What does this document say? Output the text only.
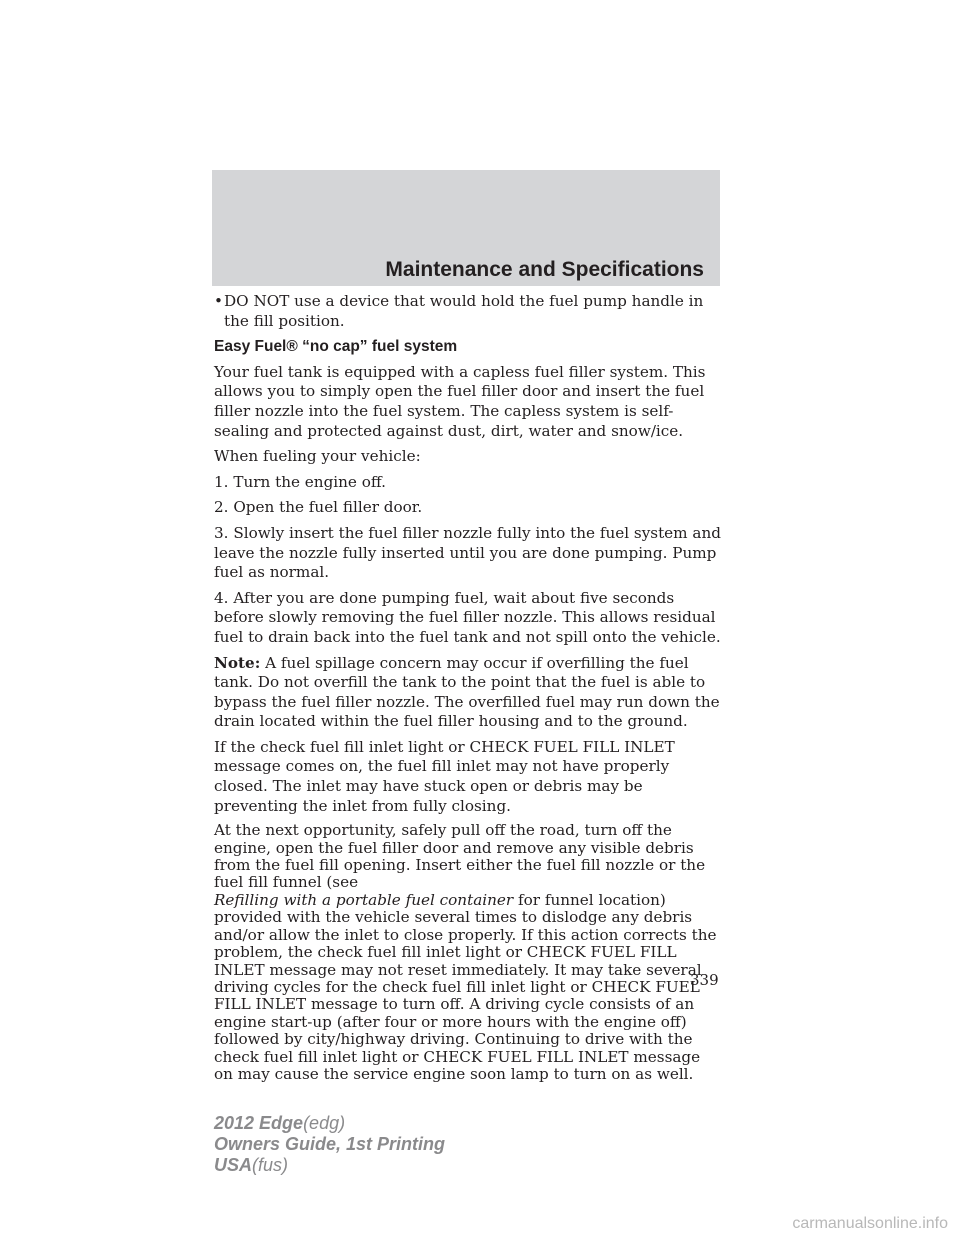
Maintenance and Specifications
• DO NOT use a device that would hold the fuel pump handle in the fill position.
Easy Fuel® “no cap” fuel system

Your fuel tank is equipped with a capless fuel filler system. This allows you to simply open the fuel filler door and insert the fuel filler nozzle into the fuel system. The capless system is self-sealing and protected against dust, dirt, water and snow/ice.

When fueling your vehicle:

1. Turn the engine off.

2. Open the fuel filler door.

3. Slowly insert the fuel filler nozzle fully into the fuel system and leave the nozzle fully inserted until you are done pumping. Pump fuel as normal.

4. After you are done pumping fuel, wait about five seconds before slowly removing the fuel filler nozzle. This allows residual fuel to drain back into the fuel tank and not spill onto the vehicle.

Note: A fuel spillage concern may occur if overfilling the fuel tank. Do not overfill the tank to the point that the fuel is able to bypass the fuel filler nozzle. The overfilled fuel may run down the drain located within the fuel filler housing and to the ground.

If the check fuel fill inlet light or CHECK FUEL FILL INLET message comes on, the fuel fill inlet may not have properly closed. The inlet may have stuck open or debris may be preventing the inlet from fully closing.

At the next opportunity, safely pull off the road, turn off the engine, open the fuel filler door and remove any visible debris from the fuel fill opening. Insert either the fuel fill nozzle or the fuel fill funnel (see
Refilling with a portable fuel container for funnel location) provided with the vehicle several times to dislodge any debris and/or allow the inlet to close properly. If this action corrects the problem, the check fuel fill inlet light or CHECK FUEL FILL INLET message may not reset immediately. It may take several driving cycles for the check fuel fill inlet light or CHECK FUEL FILL INLET message to turn off. A driving cycle consists of an engine start-up (after four or more hours with the engine off) followed by city/highway driving. Continuing to drive with the check fuel fill inlet light or CHECK FUEL FILL INLET message on may cause the service engine soon lamp to turn on as well.

339
2012 Edge(edg)
Owners Guide, 1st Printing
USA(fus)
carmanualsonline.info
